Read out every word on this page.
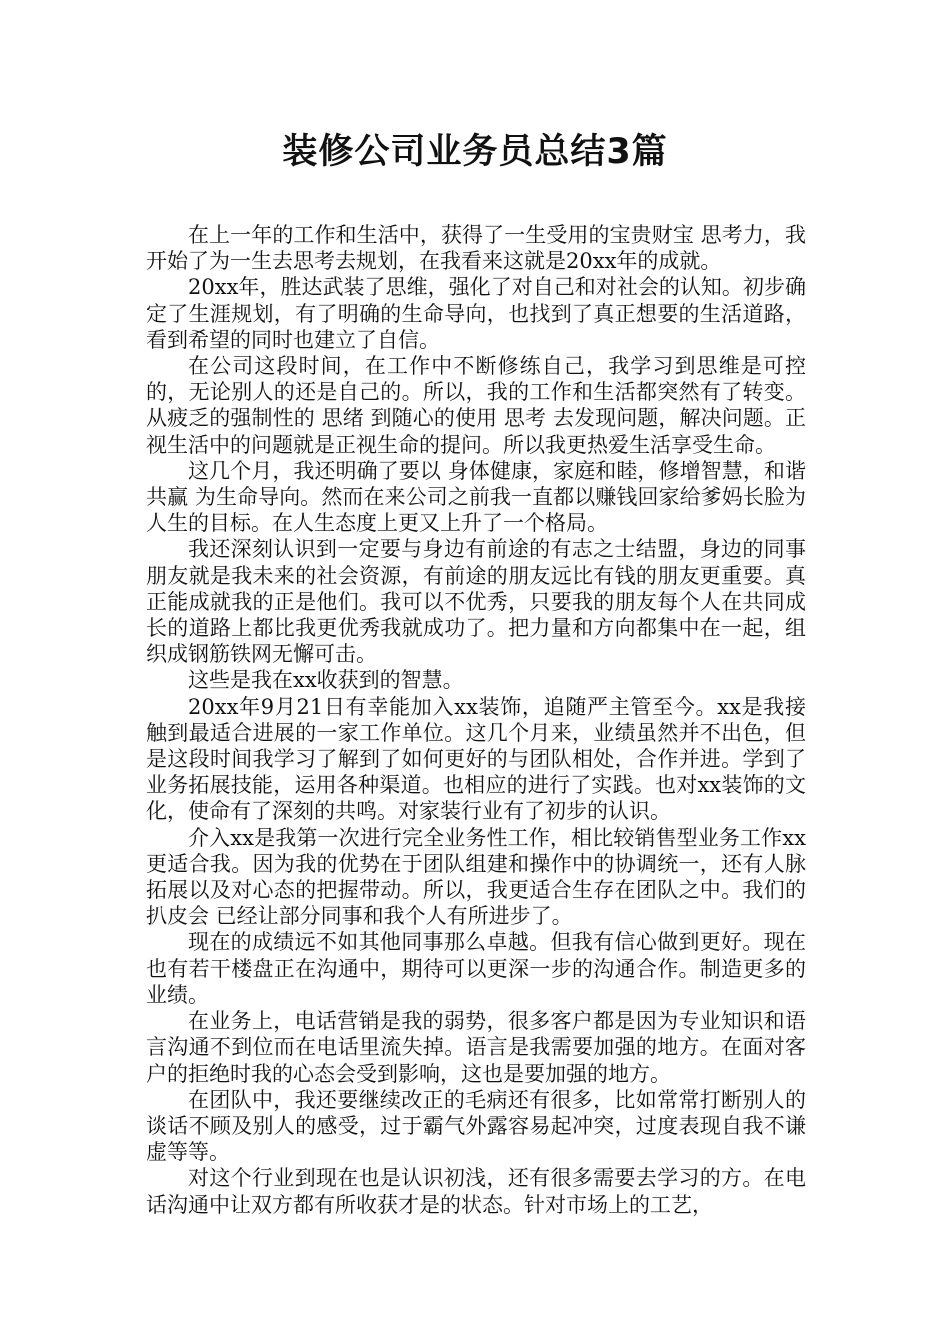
装修公司业务员总结3篇

在上一年的工作和生活中，获得了一生受用的宝贵财宝 思考力，我开始了为一生去思考去规划，在我看来这就是20xx年的成就。

20xx年，胜达武装了思维，强化了对自己和对社会的认知。初步确定了生涯规划，有了明确的生命导向，也找到了真正想要的生活道路，看到希望的同时也建立了自信。

在公司这段时间，在工作中不断修练自己，我学习到思维是可控的，无论别人的还是自己的。所以，我的工作和生活都突然有了转变。从疲乏的强制性的 思绪 到随心的使用 思考 去发现问题，解决问题。正视生活中的问题就是正视生命的提问。所以我更热爱生活享受生命。

这几个月，我还明确了要以 身体健康，家庭和睦，修增智慧，和谐共赢 为生命导向。然而在来公司之前我一直都以赚钱回家给爹妈长脸为人生的目标。在人生态度上更又上升了一个格局。

我还深刻认识到一定要与身边有前途的有志之士结盟，身边的同事朋友就是我未来的社会资源，有前途的朋友远比有钱的朋友更重要。真正能成就我的正是他们。我可以不优秀，只要我的朋友每个人在共同成长的道路上都比我更优秀我就成功了。把力量和方向都集中在一起，组织成钢筋铁网无懈可击。

这些是我在xx收获到的智慧。

20xx年9月21日有幸能加入xx装饰，追随严主管至今。xx是我接触到最适合进展的一家工作单位。这几个月来，业绩虽然并不出色，但是这段时间我学习了解到了如何更好的与团队相处，合作并进。学到了业务拓展技能，运用各种渠道。也相应的进行了实践。也对xx装饰的文化，使命有了深刻的共鸣。对家装行业有了初步的认识。

介入xx是我第一次进行完全业务性工作，相比较销售型业务工作xx更适合我。因为我的优势在于团队组建和操作中的协调统一，还有人脉拓展以及对心态的把握带动。所以，我更适合生存在团队之中。我们的 扒皮会 已经让部分同事和我个人有所进步了。

现在的成绩远不如其他同事那么卓越。但我有信心做到更好。现在也有若干楼盘正在沟通中，期待可以更深一步的沟通合作。制造更多的业绩。

在业务上，电话营销是我的弱势，很多客户都是因为专业知识和语言沟通不到位而在电话里流失掉。语言是我需要加强的地方。在面对客户的拒绝时我的心态会受到影响，这也是要加强的地方。

在团队中，我还要继续改正的毛病还有很多，比如常常打断别人的谈话不顾及别人的感受，过于霸气外露容易起冲突，过度表现自我不谦虚等等。

对这个行业到现在也是认识初浅，还有很多需要去学习的方。在电话沟通中让双方都有所收获才是的状态。针对市场上的工艺，
